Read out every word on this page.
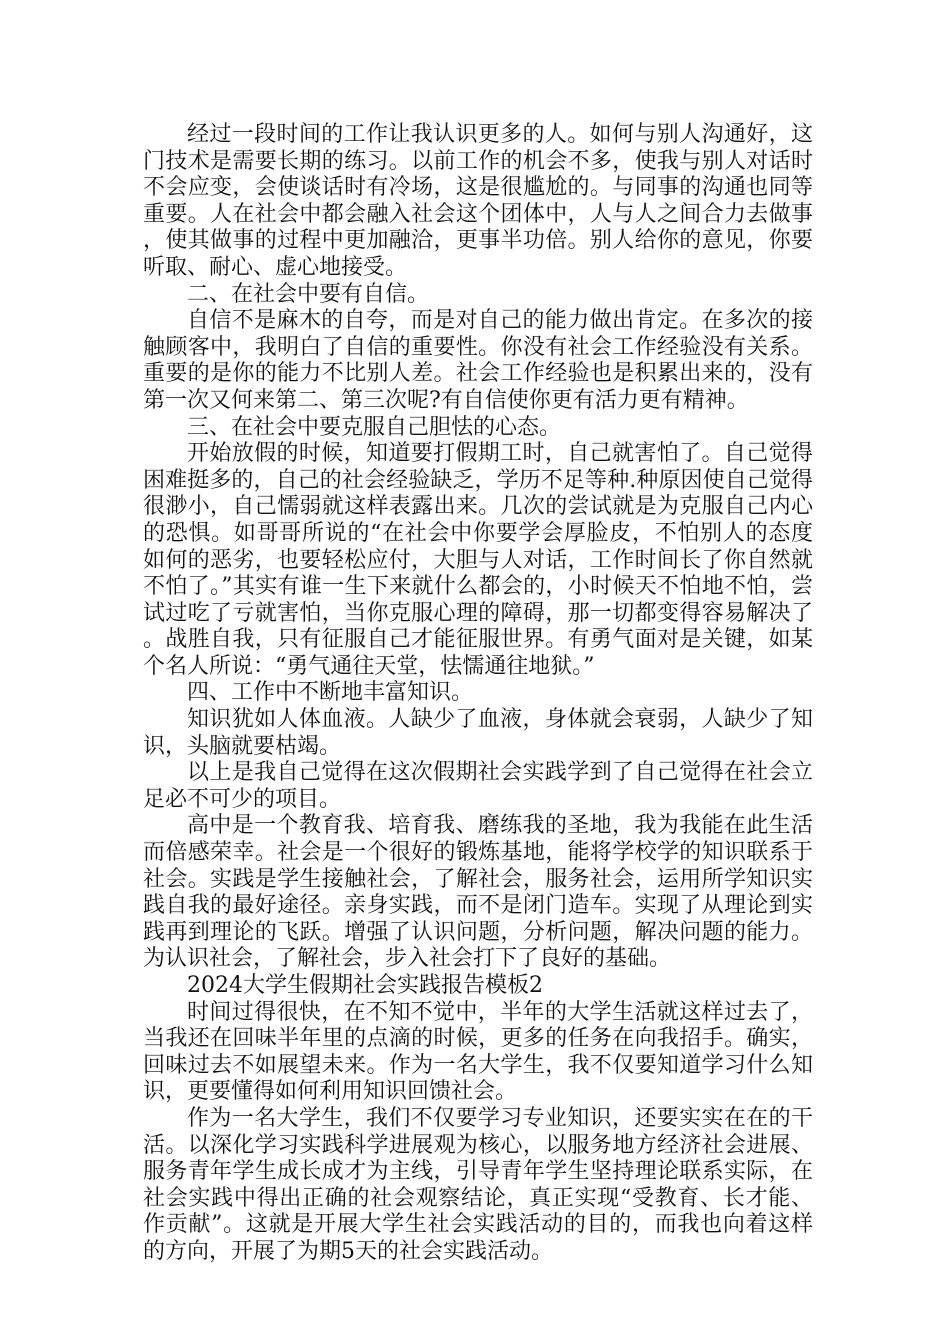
经过一段时间的工作让我认识更多的人。如何与别人沟通好，这门技术是需要长期的练习。以前工作的机会不多，使我与别人对话时不会应变，会使谈话时有冷场，这是很尴尬的。与同事的沟通也同等重要。人在社会中都会融入社会这个团体中，人与人之间合力去做事，使其做事的过程中更加融洽，更事半功倍。别人给你的意见，你要听取、耐心、虚心地接受。

二、在社会中要有自信。

自信不是麻木的自夸，而是对自己的能力做出肯定。在多次的接触顾客中，我明白了自信的重要性。你没有社会工作经验没有关系。重要的是你的能力不比别人差。社会工作经验也是积累出来的，没有第一次又何来第二、第三次呢?有自信使你更有活力更有精神。

三、在社会中要克服自己胆怯的心态。

开始放假的时候，知道要打假期工时，自己就害怕了。自己觉得困难挺多的，自己的社会经验缺乏，学历不足等种.种原因使自己觉得很渺小，自己懦弱就这样表露出来。几次的尝试就是为克服自己内心的恐惧。如哥哥所说的“在社会中你要学会厚脸皮，不怕别人的态度如何的恶劣，也要轻松应付，大胆与人对话，工作时间长了你自然就不怕了。”其实有谁一生下来就什么都会的，小时候天不怕地不怕，尝试过吃了亏就害怕，当你克服心理的障碍，那一切都变得容易解决了。战胜自我，只有征服自己才能征服世界。有勇气面对是关键，如某个名人所说：“勇气通往天堂，怯懦通往地狱。”

四、工作中不断地丰富知识。

知识犹如人体血液。人缺少了血液，身体就会衰弱，人缺少了知识，头脑就要枯竭。

以上是我自己觉得在这次假期社会实践学到了自己觉得在社会立足必不可少的项目。

高中是一个教育我、培育我、磨练我的圣地，我为我能在此生活而倍感荣幸。社会是一个很好的锻炼基地，能将学校学的知识联系于社会。实践是学生接触社会，了解社会，服务社会，运用所学知识实践自我的最好途径。亲身实践，而不是闭门造车。实现了从理论到实践再到理论的飞跃。增强了认识问题，分析问题，解决问题的能力。为认识社会，了解社会，步入社会打下了良好的基础。

2024大学生假期社会实践报告模板2

时间过得很快，在不知不觉中，半年的大学生活就这样过去了，当我还在回味半年里的点滴的时候，更多的任务在向我招手。确实，回味过去不如展望未来。作为一名大学生，我不仅要知道学习什么知识，更要懂得如何利用知识回馈社会。

作为一名大学生，我们不仅要学习专业知识，还要实实在在的干活。以深化学习实践科学进展观为核心，以服务地方经济社会进展、服务青年学生成长成才为主线，引导青年学生坚持理论联系实际，在社会实践中得出正确的社会观察结论，真正实现“受教育、长才能、作贡献”。这就是开展大学生社会实践活动的目的，而我也向着这样的方向，开展了为期5天的社会实践活动。
